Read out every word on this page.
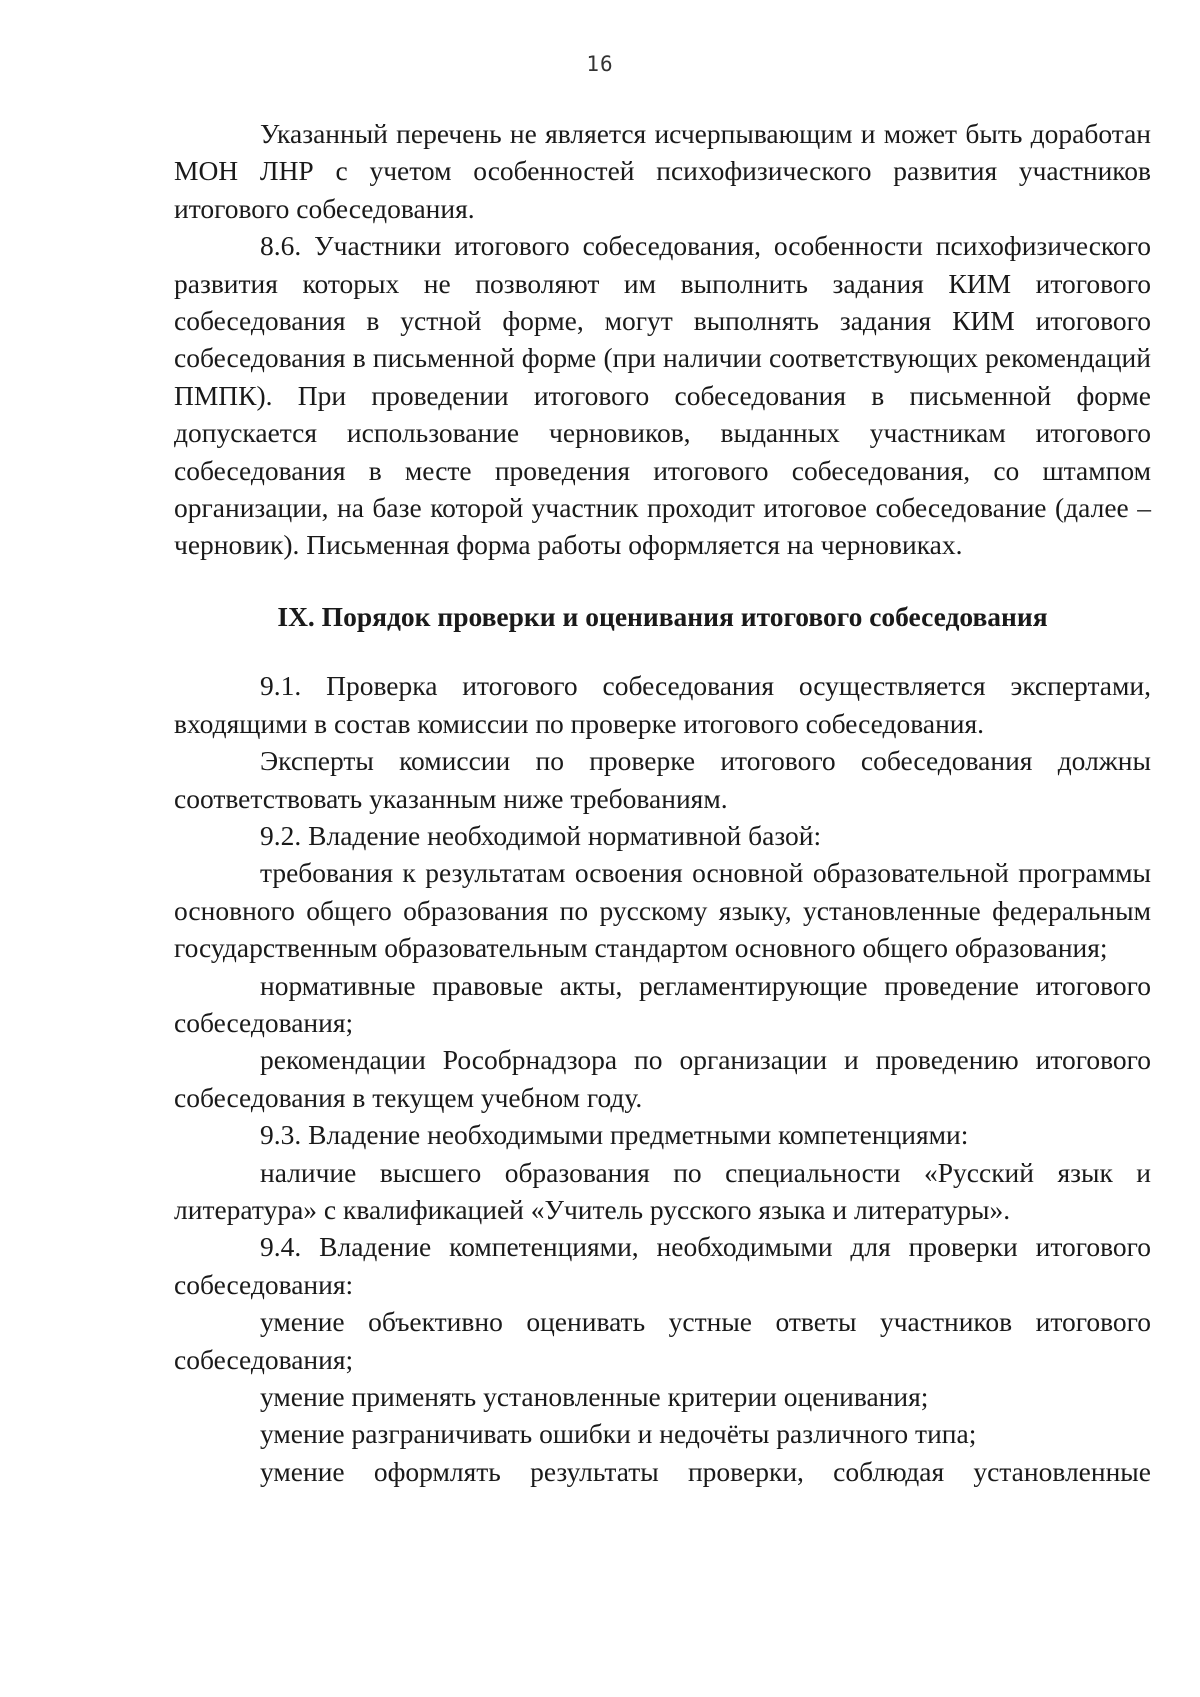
16

Указанный перечень не является исчерпывающим и может быть доработан МОН ЛНР с учетом особенностей психофизического развития участников итогового собеседования.

8.6. Участники итогового собеседования, особенности психофизического развития которых не позволяют им выполнить задания КИМ итогового собеседования в устной форме, могут выполнять задания КИМ итогового собеседования в письменной форме (при наличии соответствующих рекомендаций ПМПК). При проведении итогового собеседования в письменной форме допускается использование черновиков, выданных участникам итогового собеседования в месте проведения итогового собеседования, со штампом организации, на базе которой участник проходит итоговое собеседование (далее – черновик). Письменная форма работы оформляется на черновиках.

IX. Порядок проверки и оценивания итогового собеседования

9.1. Проверка итогового собеседования осуществляется экспертами, входящими в состав комиссии по проверке итогового собеседования.

Эксперты комиссии по проверке итогового собеседования должны соответствовать указанным ниже требованиям.

9.2. Владение необходимой нормативной базой:

требования к результатам освоения основной образовательной программы основного общего образования по русскому языку, установленные федеральным государственным образовательным стандартом основного общего образования;

нормативные правовые акты, регламентирующие проведение итогового собеседования;

рекомендации Рособрнадзора по организации и проведению итогового собеседования в текущем учебном году.

9.3. Владение необходимыми предметными компетенциями:

наличие высшего образования по специальности «Русский язык и литература» с квалификацией «Учитель русского языка и литературы».

9.4. Владение компетенциями, необходимыми для проверки итогового собеседования:

умение объективно оценивать устные ответы участников итогового собеседования;

умение применять установленные критерии оценивания;

умение разграничивать ошибки и недочёты различного типа;

умение оформлять результаты проверки, соблюдая установленные
